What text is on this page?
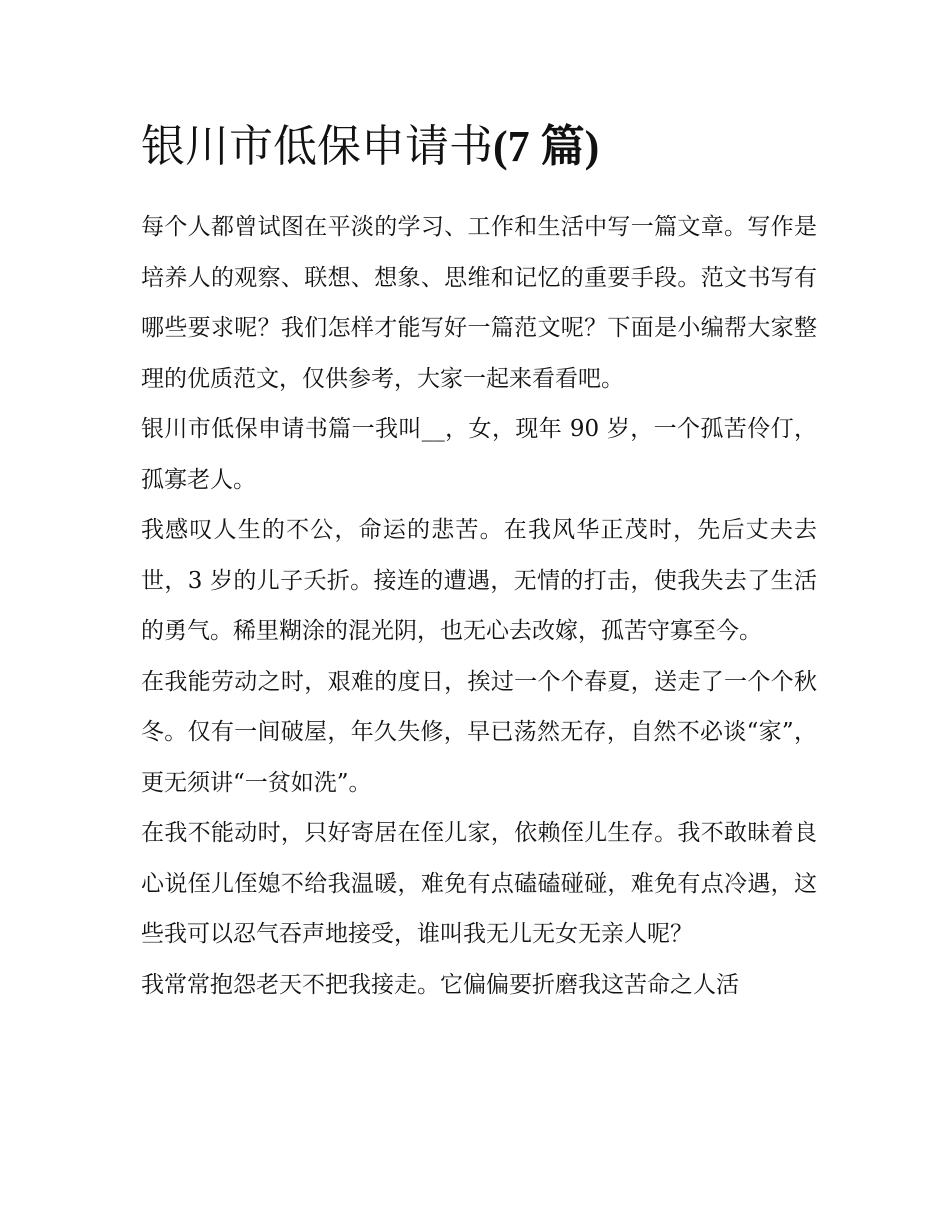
银川市低保申请书(7 篇)

每个人都曾试图在平淡的学习、工作和生活中写一篇文章。写作是培养人的观察、联想、想象、思维和记忆的重要手段。范文书写有哪些要求呢？我们怎样才能写好一篇范文呢？下面是小编帮大家整理的优质范文，仅供参考，大家一起来看看吧。

银川市低保申请书篇一我叫__，女，现年 90 岁，一个孤苦伶仃，孤寡老人。

我感叹人生的不公，命运的悲苦。在我风华正茂时，先后丈夫去世，3 岁的儿子夭折。接连的遭遇，无情的打击，使我失去了生活的勇气。稀里糊涂的混光阴，也无心去改嫁，孤苦守寡至今。

在我能劳动之时，艰难的度日，挨过一个个春夏，送走了一个个秋冬。仅有一间破屋，年久失修，早已荡然无存，自然不必谈“家”，更无须讲“一贫如洗”。

在我不能动时，只好寄居在侄儿家，依赖侄儿生存。我不敢昧着良心说侄儿侄媳不给我温暖，难免有点磕磕碰碰，难免有点冷遇，这些我可以忍气吞声地接受，谁叫我无儿无女无亲人呢？

我常常抱怨老天不把我接走。它偏偏要折磨我这苦命之人活
